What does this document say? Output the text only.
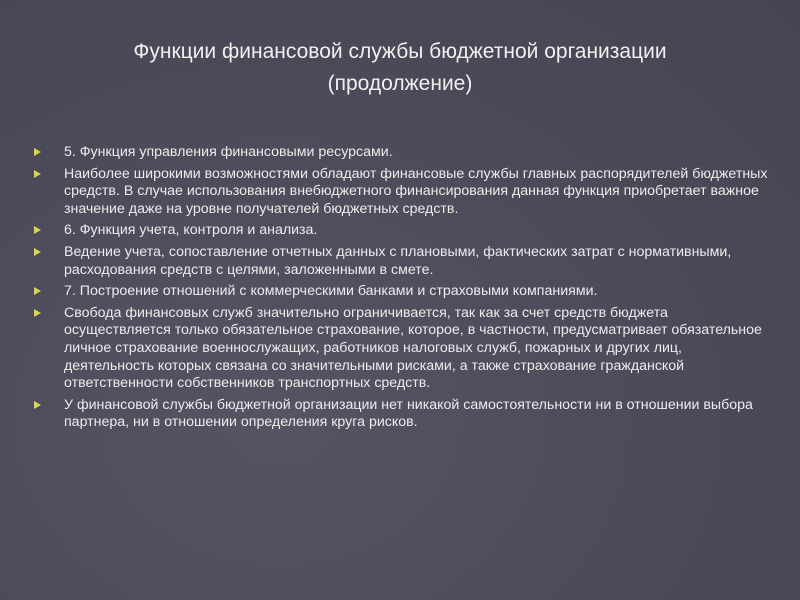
Функции финансовой службы бюджетной организации
(продолжение)
5. Функция управления финансовыми ресурсами.
Наиболее широкими возможностями обладают финансовые службы главных распорядителей бюджетных средств. В случае использования внебюджетного финансирования данная функция приобретает важное значение даже на уровне получателей бюджетных средств.
6. Функция учета, контроля и анализа.
Ведение учета, сопоставление отчетных данных с плановыми, фактических затрат с нормативными, расходования средств с целями, заложенными в смете.
7. Построение отношений с коммерческими банками и страховыми компаниями.
Свобода финансовых служб значительно ограничивается, так как за счет средств бюджета осуществляется только обязательное страхование, которое, в частности, предусматривает обязательное личное страхование военнослужащих, работников налоговых служб, пожарных и других лиц, деятельность которых связана со значительными рисками, а также страхование гражданской ответственности собственников транспортных средств.
У финансовой службы бюджетной организации нет никакой самостоятельности ни в отношении выбора партнера, ни в отношении определения круга рисков.
